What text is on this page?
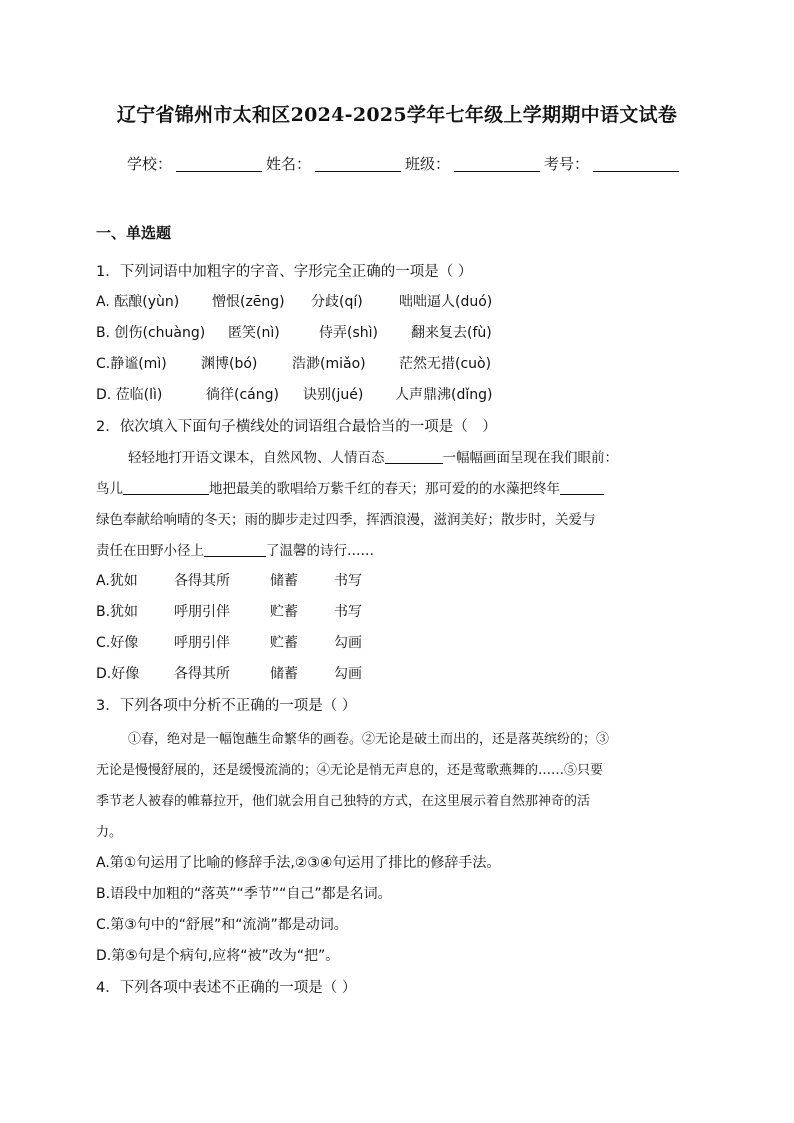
辽宁省锦州市太和区2024-2025学年七年级上学期期中语文试卷
学校：	姓名：	班级：	考号：
一、单选题
1．下列词语中加粗字的字音、字形完全正确的一项是（ ）
A. 酝酿(yùn) 憎恨(zēng) 分歧(qí)	咄咄逼人(duó)
B. 创伤(chuàng) 匿笑(nì)	侍弄(shì) 翻来复去(fù)
C.静谧(mì) 渊博(bó) 浩渺(miǎo) 茫然无措(cuò)
D. 莅临(lì)	徜徉(cáng) 诀别(jué) 人声鼎沸(dǐng)
2．依次填入下面句子横线处的词语组合最恰当的一项是（　）
轻轻地打开语文课本，自然风物、人情百态	一幅幅画面呈现在我们眼前：
鸟儿	地把最美的歌唱给万紫千红的春天；那可爱的的水藻把终年
绿色奉献给响晴的冬天；雨的脚步走过四季，挥洒浪漫，滋润美好；散步时，关爱与
责任在田野小径上	了温馨的诗行……
A.犹如	各得其所	储蓄	书写
B.犹如	呼朋引伴	贮蓄	书写
C.好像	呼朋引伴	贮蓄	勾画
D.好像 各得其所	储蓄	勾画
3．下列各项中分析不正确的一项是（ ）
①春，绝对是一幅饱蘸生命繁华的画卷。②无论是破土而出的，还是落英缤纷的；③
无论是慢慢舒展的，还是缓慢流淌的；④无论是悄无声息的，还是莺歌燕舞的……⑤只要
季节老人被春的帷幕拉开，他们就会用自己独特的方式，在这里展示着自然那神奇的活
力。
A.第①句运用了比喻的修辞手法,②③④句运用了排比的修辞手法。
B.语段中加粗的“落英”“季节”“自己”都是名词。
C.第③句中的“舒展”和“流淌”都是动词。
D.第⑤句是个病句,应将“被”改为“把”。
4．下列各项中表述不正确的一项是（ ）
